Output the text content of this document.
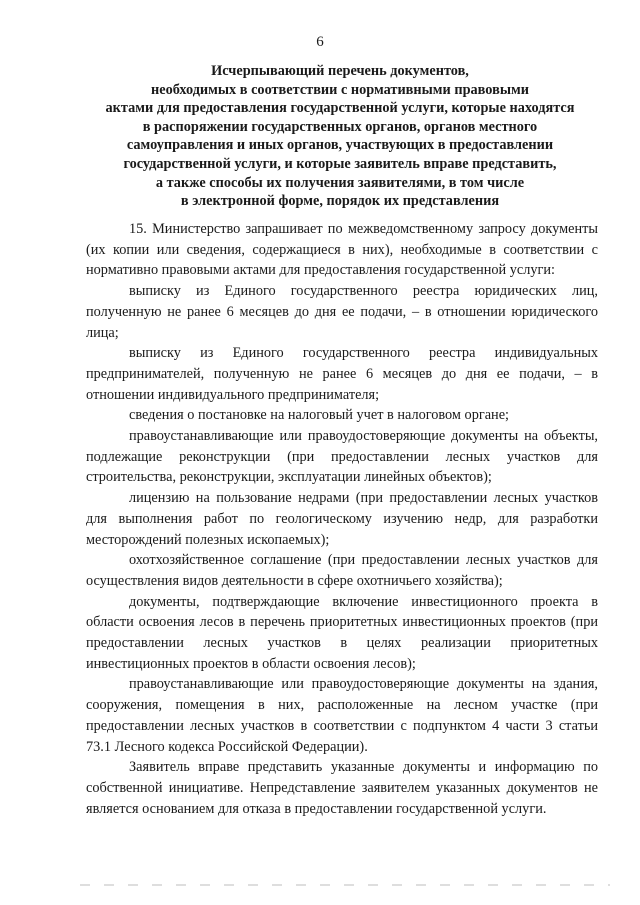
6
Исчерпывающий перечень документов,
необходимых в соответствии с нормативными правовыми
актами для предоставления государственной услуги, которые находятся
в распоряжении государственных органов, органов местного
самоуправления и иных органов, участвующих в предоставлении
государственной услуги, и которые заявитель вправе представить,
а также способы их получения заявителями, в том числе
в электронной форме, порядок их представления

15. Министерство запрашивает по межведомственному запросу документы (их копии или сведения, содержащиеся в них), необходимые в соответствии с нормативно правовыми актами для предоставления государственной услуги:

выписку из Единого государственного реестра юридических лиц, полученную не ранее 6 месяцев до дня ее подачи, – в отношении юридического лица;

выписку из Единого государственного реестра индивидуальных предпринимателей, полученную не ранее 6 месяцев до дня ее подачи, – в отношении индивидуального предпринимателя;

сведения о постановке на налоговый учет в налоговом органе;

правоустанавливающие или правоудостоверяющие документы на объекты, подлежащие реконструкции (при предоставлении лесных участков для строительства, реконструкции, эксплуатации линейных объектов);

лицензию на пользование недрами (при предоставлении лесных участков для выполнения работ по геологическому изучению недр, для разработки месторождений полезных ископаемых);

охотхозяйственное соглашение (при предоставлении лесных участков для осуществления видов деятельности в сфере охотничьего хозяйства);

документы, подтверждающие включение инвестиционного проекта в области освоения лесов в перечень приоритетных инвестиционных проектов (при предоставлении лесных участков в целях реализации приоритетных инвестиционных проектов в области освоения лесов);

правоустанавливающие или правоудостоверяющие документы на здания, сооружения, помещения в них, расположенные на лесном участке (при предоставлении лесных участков в соответствии с подпунктом 4 части 3 статьи 73.1 Лесного кодекса Российской Федерации).

Заявитель вправе представить указанные документы и информацию по собственной инициативе. Непредставление заявителем указанных документов не является основанием для отказа в предоставлении государственной услуги.
